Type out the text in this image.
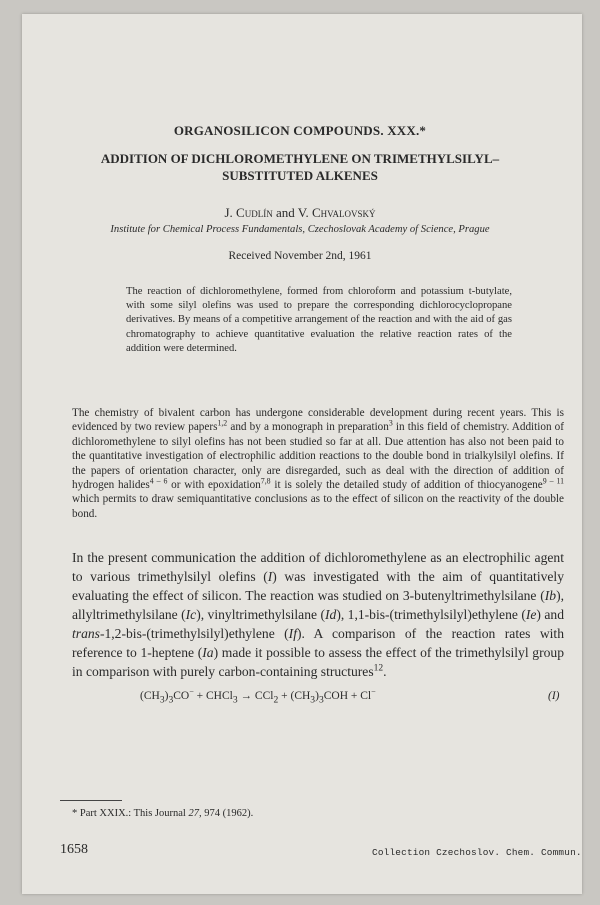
ORGANOSILICON COMPOUNDS. XXX.*
ADDITION OF DICHLOROMETHYLENE ON TRIMETHYLSILYL–
SUBSTITUTED ALKENES
J. Cudlín and V. Chvalovský
Institute for Chemical Process Fundamentals, Czechoslovak Academy of Science, Prague
Received November 2nd, 1961
The reaction of dichloromethylene, formed from chloroform and potassium t-butylate, with some silyl olefins was used to prepare the corresponding dichlorocyclopropane derivatives. By means of a competitive arrangement of the reaction and with the aid of gas chromatography to achieve quantitative evaluation the relative reaction rates of the addition were determined.
The chemistry of bivalent carbon has undergone considerable development during recent years. This is evidenced by two review papers$^{1,2}$ and by a monograph in preparation$^3$ in this field of chemistry. Addition of dichloromethylene to silyl olefins has not been studied so far at all. Due attention has also not been paid to the quantitative investigation of electrophilic addition reactions to the double bond in trialkylsilyl olefins. If the papers of orientation character, only are disregarded, such as deal with the direction of addition of hydrogen halides$^{4 - 6}$ or with epoxidation$^{7,8}$ it is solely the detailed study of addition of thiocyanogene$^{9 - 11}$ which permits to draw semiquantitative conclusions as to the effect of silicon on the reactivity of the double bond.
In the present communication the addition of dichloromethylene as an electrophilic agent to various trimethylsilyl olefins (I) was investigated with the aim of quantitatively evaluating the effect of silicon. The reaction was studied on 3-butenyltrimethylsilane (Ib), allyltrimethylsilane (Ic), vinyltrimethylsilane (Id), 1,1-bis-(trimethylsilyl)ethylene (Ie) and trans-1,2-bis-(trimethylsilyl)ethylene (If). A comparison of the reaction rates with reference to 1-heptene (Ia) made it possible to assess the effect of the trimethylsilyl group in comparison with purely carbon-containing structures$^{12}$.
$(CH_3)_3CO^-$ + CHCl$_3$ → $CCl_2 + (CH_3)_3COH + Cl^-$	(I)
* Part XXIX.: This Journal 27, 974 (1962).
1658	Collection Czechoslov. Chem. Commun.
